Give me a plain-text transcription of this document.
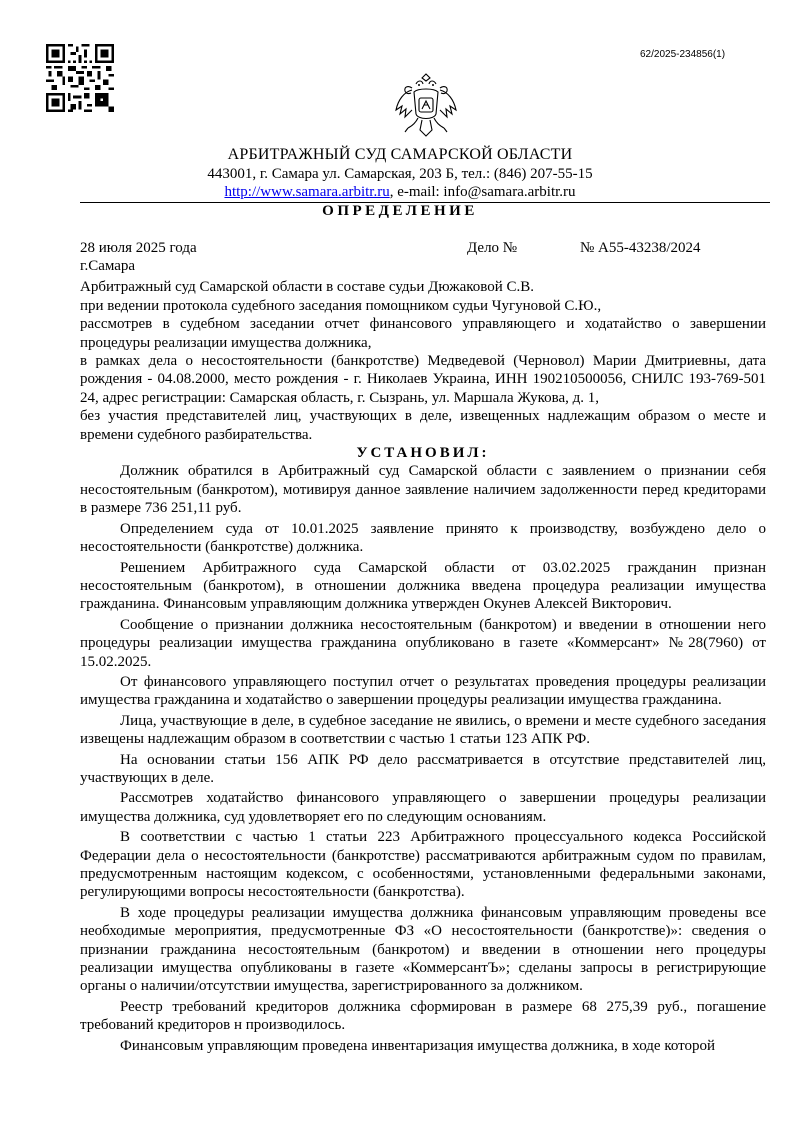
62/2025-234856(1)
АРБИТРАЖНЫЙ СУД САМАРСКОЙ ОБЛАСТИ
443001, г. Самара ул. Самарская, 203 Б, тел.: (846) 207-55-15
http://www.samara.arbitr.ru, e-mail: info@samara.arbitr.ru
ОПРЕДЕЛЕНИЕ
28 июля 2025 года	Дело №	№ А55-43238/2024

г.Самара

Арбитражный суд Самарской области в составе судьи Дюжаковой С.В.

при ведении протокола судебного заседания помощником судьи Чугуновой С.Ю.,

рассмотрев в судебном заседании отчет финансового управляющего и ходатайство о завершении процедуры реализации имущества должника,

в рамках дела о несостоятельности (банкротстве) Медведевой (Черновол) Марии Дмитриевны, дата рождения - 04.08.2000, место рождения - г. Николаев Украина, ИНН 190210500056, СНИЛС 193-769-501 24, адрес регистрации: Самарская область, г. Сызрань, ул. Маршала Жукова, д. 1,

без участия представителей лиц, участвующих в деле, извещенных надлежащим образом о месте и времени судебного разбирательства.

УСТАНОВИЛ:

Должник обратился в Арбитражный суд Самарской области с заявлением о признании себя несостоятельным (банкротом), мотивируя данное заявление наличием задолженности перед кредиторами в размере 736 251,11 руб.

Определением суда от 10.01.2025 заявление принято к производству, возбуждено дело о несостоятельности (банкротстве) должника.

Решением Арбитражного суда Самарской области от 03.02.2025 гражданин признан несостоятельным (банкротом), в отношении должника введена процедура реализации имущества гражданина. Финансовым управляющим должника утвержден Окунев Алексей Викторович.

Сообщение о признании должника несостоятельным (банкротом) и введении в отношении него процедуры реализации имущества гражданина опубликовано в газете «Коммерсант» №28(7960) от 15.02.2025.

От финансового управляющего поступил отчет о результатах проведения процедуры реализации имущества гражданина и ходатайство о завершении процедуры реализации имущества гражданина.

Лица, участвующие в деле, в судебное заседание не явились, о времени и месте судебного заседания извещены надлежащим образом в соответствии с частью 1 статьи 123 АПК РФ.

На основании статьи 156 АПК РФ дело рассматривается в отсутствие представителей лиц, участвующих в деле.

Рассмотрев ходатайство финансового управляющего о завершении процедуры реализации имущества должника, суд удовлетворяет его по следующим основаниям.

В соответствии с частью 1 статьи 223 Арбитражного процессуального кодекса Российской Федерации дела о несостоятельности (банкротстве) рассматриваются арбитражным судом по правилам, предусмотренным настоящим кодексом, с особенностями, установленными федеральными законами, регулирующими вопросы несостоятельности (банкротства).

В ходе процедуры реализации имущества должника финансовым управляющим проведены все необходимые мероприятия, предусмотренные ФЗ «О несостоятельности (банкротстве)»: сведения о признании гражданина несостоятельным (банкротом) и введении в отношении него процедуры реализации имущества опубликованы в газете «КоммерсантЪ»; сделаны запросы в регистрирующие органы о наличии/отсутствии имущества, зарегистрированного за должником.

Реестр требований кредиторов должника сформирован в размере 68 275,39 руб., погашение требований кредиторов н производилось.

Финансовым управляющим проведена инвентаризация имущества должника, в ходе которой
